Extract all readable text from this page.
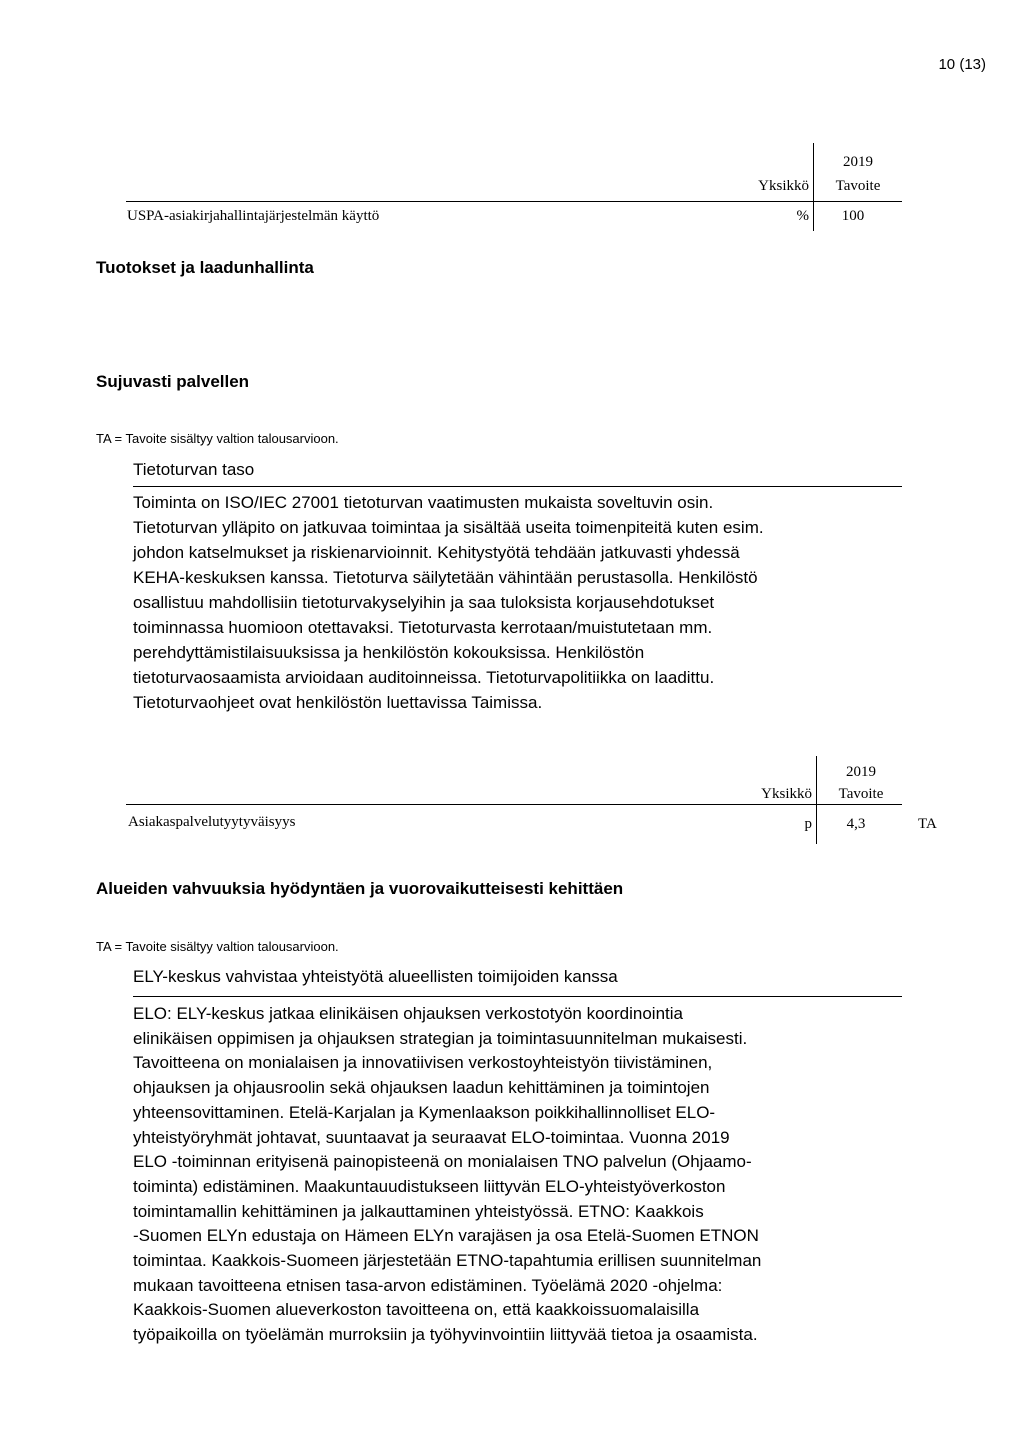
10 (13)
2019
Yksikkö	Tavoite
USPA-asiakirjahallintajärjestelmän käyttö	%	100
Tuotokset ja laadunhallinta
Sujuvasti palvellen
TA = Tavoite sisältyy valtion talousarvioon.
Tietoturvan taso

Toiminta on ISO/IEC 27001 tietoturvan vaatimusten mukaista soveltuvin osin.

Tietoturvan ylläpito on jatkuvaa toimintaa ja sisältää useita toimenpiteitä kuten esim.

johdon katselmukset ja riskienarvioinnit. Kehitystyötä tehdään jatkuvasti yhdessä

KEHA-keskuksen kanssa. Tietoturva säilytetään vähintään perustasolla. Henkilöstö

osallistuu mahdollisiin tietoturvakyselyihin ja saa tuloksista korjausehdotukset

toiminnassa huomioon otettavaksi. Tietoturvasta kerrotaan/muistutetaan mm.

perehdyttämistilaisuuksissa ja henkilöstön kokouksissa. Henkilöstön

tietoturvaosaamista arvioidaan auditoinneissa. Tietoturvapolitiikka on laadittu.

Tietoturvaohjeet ovat henkilöstön luettavissa Taimissa.

2019
Yksikkö	Tavoite
Asiakaspalvelutyytyväisyys	p	4,3	TA
Alueiden vahvuuksia hyödyntäen ja vuorovaikutteisesti kehittäen
TA = Tavoite sisältyy valtion talousarvioon.
ELY-keskus vahvistaa yhteistyötä alueellisten toimijoiden kanssa

ELO: ELY-keskus jatkaa elinikäisen ohjauksen verkostotyön koordinointia

elinikäisen oppimisen ja ohjauksen strategian ja toimintasuunnitelman mukaisesti.

Tavoitteena on monialaisen ja innovatiivisen verkostoyhteistyön tiivistäminen,

ohjauksen ja ohjausroolin sekä ohjauksen laadun kehittäminen ja toimintojen

yhteensovittaminen. Etelä-Karjalan ja Kymenlaakson poikkihallinnolliset ELO-

yhteistyöryhmät johtavat, suuntaavat ja seuraavat ELO-toimintaa. Vuonna 2019

ELO -toiminnan erityisenä painopisteenä on monialaisen TNO palvelun (Ohjaamo-

toiminta) edistäminen. Maakuntauudistukseen liittyvän ELO-yhteistyöverkoston

toimintamallin kehittäminen ja jalkauttaminen yhteistyössä. ETNO: Kaakkois

-Suomen ELYn edustaja on Hämeen ELYn varajäsen ja osa Etelä-Suomen ETNON

toimintaa. Kaakkois-Suomeen järjestetään ETNO-tapahtumia erillisen suunnitelman

mukaan tavoitteena etnisen tasa-arvon edistäminen. Työelämä 2020 -ohjelma:

Kaakkois-Suomen alueverkoston tavoitteena on, että kaakkoissuomalaisilla

työpaikoilla on työelämän murroksiin ja työhyvinvointiin liittyvää tietoa ja osaamista.
